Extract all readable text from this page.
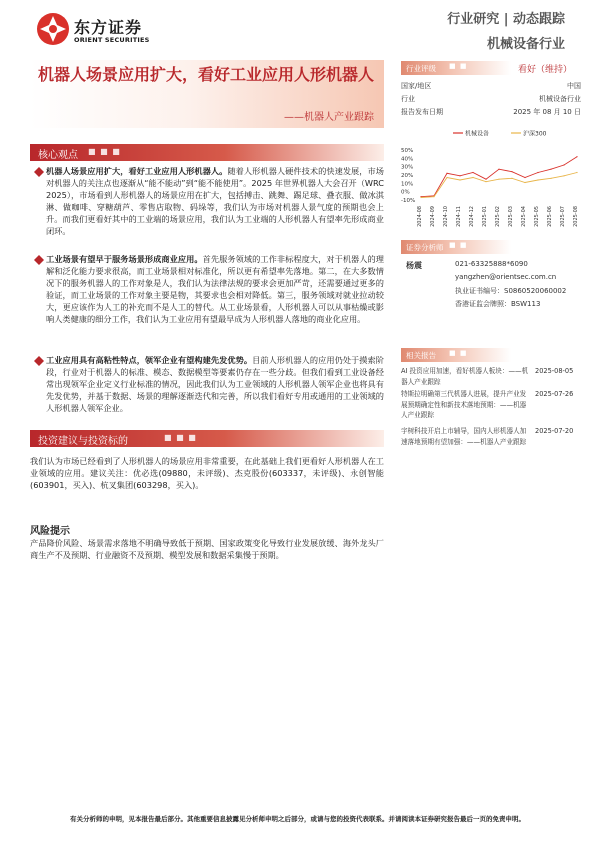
东方证券
ORIENT SECURITIES
行业研究 | 动态跟踪
机械设备行业
机器人场景应用扩大，看好工业应用人形机器人
——机器人产业跟踪
核心观点 ■ ■ ■
机器人场景应用扩大，看好工业应用人形机器人。随着人形机器人硬件技术的快速发展，市场对机器人的关注点也逐渐从“能不能动”到“能不能使用”。2025 年世界机器人大会召开（WRC 2025），市场看到人形机器人的场景应用在扩大，包括搏击、跳舞、踢足球、叠衣服、做冰淇淋、做咖啡、穿糖葫芦、零售店取物、码垛等，我们认为市场对机器人景气度的预期也会上升。而我们更看好其中的工业端的场景应用，我们认为工业端的人形机器人有望率先形成商业闭环。
工业场景有望早于服务场景形成商业应用。首先服务领域的工作非标程度大，对于机器人的理解和泛化能力要求很高，而工业场景相对标准化，所以更有希望率先落地。第二，在大多数情况下的服务机器人的工作对象是人，我们认为法律法规的要求会更加严苛，还需要通过更多的验证，而工业场景的工作对象主要是物，其要求也会相对降低。第三，服务领域对就业拉动较大，更应该作为人工的补充而不是人工的替代。从工业场景看，人形机器人可以从事枯燥或影响人类健康的细分工作，我们认为工业应用有望最早成为人形机器人落地的商业化应用。
工业应用具有高粘性特点，领军企业有望构建先发优势。目前人形机器人的应用仍处于摸索阶段，行业对于机器人的标准、模态、数据模型等要素仍存在一些分歧。但我们看到工业设备经常出现领军企业定义行业标准的情况，因此我们认为工业领域的人形机器人领军企业也将具有先发优势，并基于数据、场景的理解逐渐迭代和完善，所以我们看好专用或通用的工业领域的人形机器人领军企业。
投资建议与投资标的	■ ■ ■
我们认为市场已经看到了人形机器人的场景应用非常重要，在此基础上我们更看好人形机器人在工业领域的应用。建议关注：优必选(09880，未评级)、杰克股份(603337，未评级)、永创智能(603901，买入)、杭叉集团(603298，买入)。
风险提示
产品降价风险、场景需求落地不明确导致低于预期、国家政策变化导致行业发展放缓、海外龙头厂商生产不及预期、行业融资不及预期、模型发展和数据采集慢于预期。
行业评级 ■ ■	看好（维持）
国家/地区	中国
行业	机械设备行业
报告发布日期	2025 年 08 月 10 日
机械设备	沪深300
50%
40%
30%
20%
10%
0%
-10%
2024-08 2024-09 2024-10 2024-11 2024-12 2025-01 2025-02 2025-03 2025-04 2025-05 2025-06 2025-07 2025-08
证券分析师 ■ ■
杨震	021-63325888*6090
yangzhen@orientsec.com.cn
执业证书编号：S0860520060002
香港证监会牌照：BSW113
相关报告 ■ ■
AI 投资应用加速，看好机器人板块：——机器人产业跟踪
2025-08-05
特斯拉明确第三代机器人进展，提升产业发展预期确定性和新技术落地预期：——机器人产业跟踪
2025-07-26
宇树科技开启上市辅导，国内人形机器人加速落地预期有望加强：——机器人产业跟踪
2025-07-20
有关分析师的申明，见本报告最后部分。其他重要信息披露见分析师申明之后部分，或请与您的投资代表联系。并请阅读本证券研究报告最后一页的免责申明。
